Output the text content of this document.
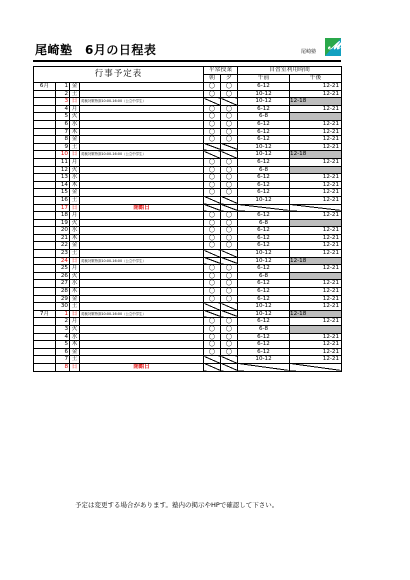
尾崎塾　6月の日程表	尾崎塾 𝓜
行事予定表				平常授業		自習室利用時間	
				朝	夕	午前	午後
6月	1	金		◯	◯	6-12	12-21
	2	土		◯	◯	10-12	12-21
	3	日	英検対策特訓10:00-16:00（公立中学生）			10-12	12-18
	4	月		◯	◯	6-12	12-21
	5	火		◯	◯	6-8	
	6	水		◯	◯	6-12	12-21
	7	木		◯	◯	6-12	12-21
	8	金		◯	◯	6-12	12-21
	9	土				10-12	12-21
	10	日	英検対策特訓10:00-16:00（公立中学生）			10-12	12-18
	11	月		◯	◯	6-12	12-21
	12	火		◯	◯	6-8	
	13	水		◯	◯	6-12	12-21
	14	木		◯	◯	6-12	12-21
	15	金		◯	◯	6-12	12-21
	16	土				10-12	12-21
	17	日	閉館日				
	18	月		◯	◯	6-12	12-21
	19	火		◯	◯	6-8	
	20	水		◯	◯	6-12	12-21
	21	木		◯	◯	6-12	12-21
	22	金		◯	◯	6-12	12-21
	23	土				10-12	12-21
	24	日	英検対策特訓10:00-16:00（公立中学生）			10-12	12-18
	25	月		◯	◯	6-12	12-21
	26	火		◯	◯	6-8	
	27	水		◯	◯	6-12	12-21
	28	木		◯	◯	6-12	12-21
	29	金		◯	◯	6-12	12-21
	30	土				10-12	12-21
7月	1	日	英検対策特訓10:00-16:00（公立中学生）			10-12	12-18
	2	月		◯	◯	6-12	12-21
	3	火		◯	◯	6-8	
	4	水		◯	◯	6-12	12-21
	5	木		◯	◯	6-12	12-21
	6	金		◯	◯	6-12	12-21
	7	土				10-12	12-21
	8	日	閉館日				
予定は変更する場合があります。塾内の掲示やHPで確認して下さい。
